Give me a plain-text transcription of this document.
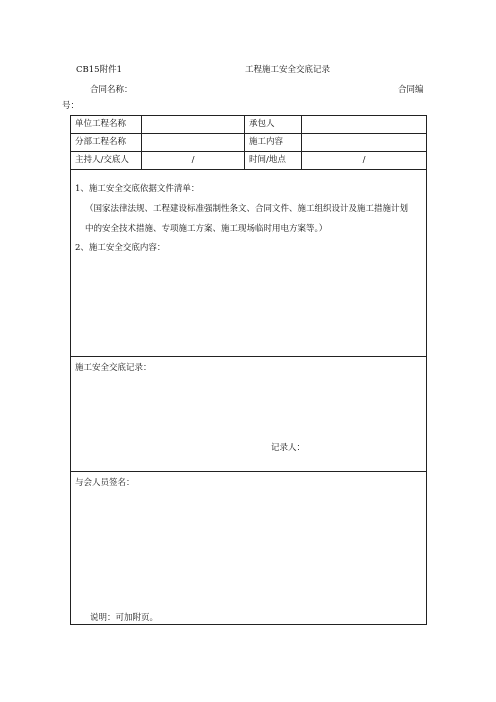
CB15附件1	工程施工安全交底记录
合同名称：	合同编
号：
单位工程名称		承包人	
分部工程名称		施工内容	
主持人/交底人	/	时间/地点	/

1、施工安全交底依据文件清单：
（国家法律法规、工程建设标准强制性条文、合同文件、施工组织设计及施工措施计划
中的安全技术措施、专项施工方案、施工现场临时用电方案等。）
2、施工安全交底内容：			

施工安全交底记录：
记录人：			

与会人员签名：			
说明：可加附页。
